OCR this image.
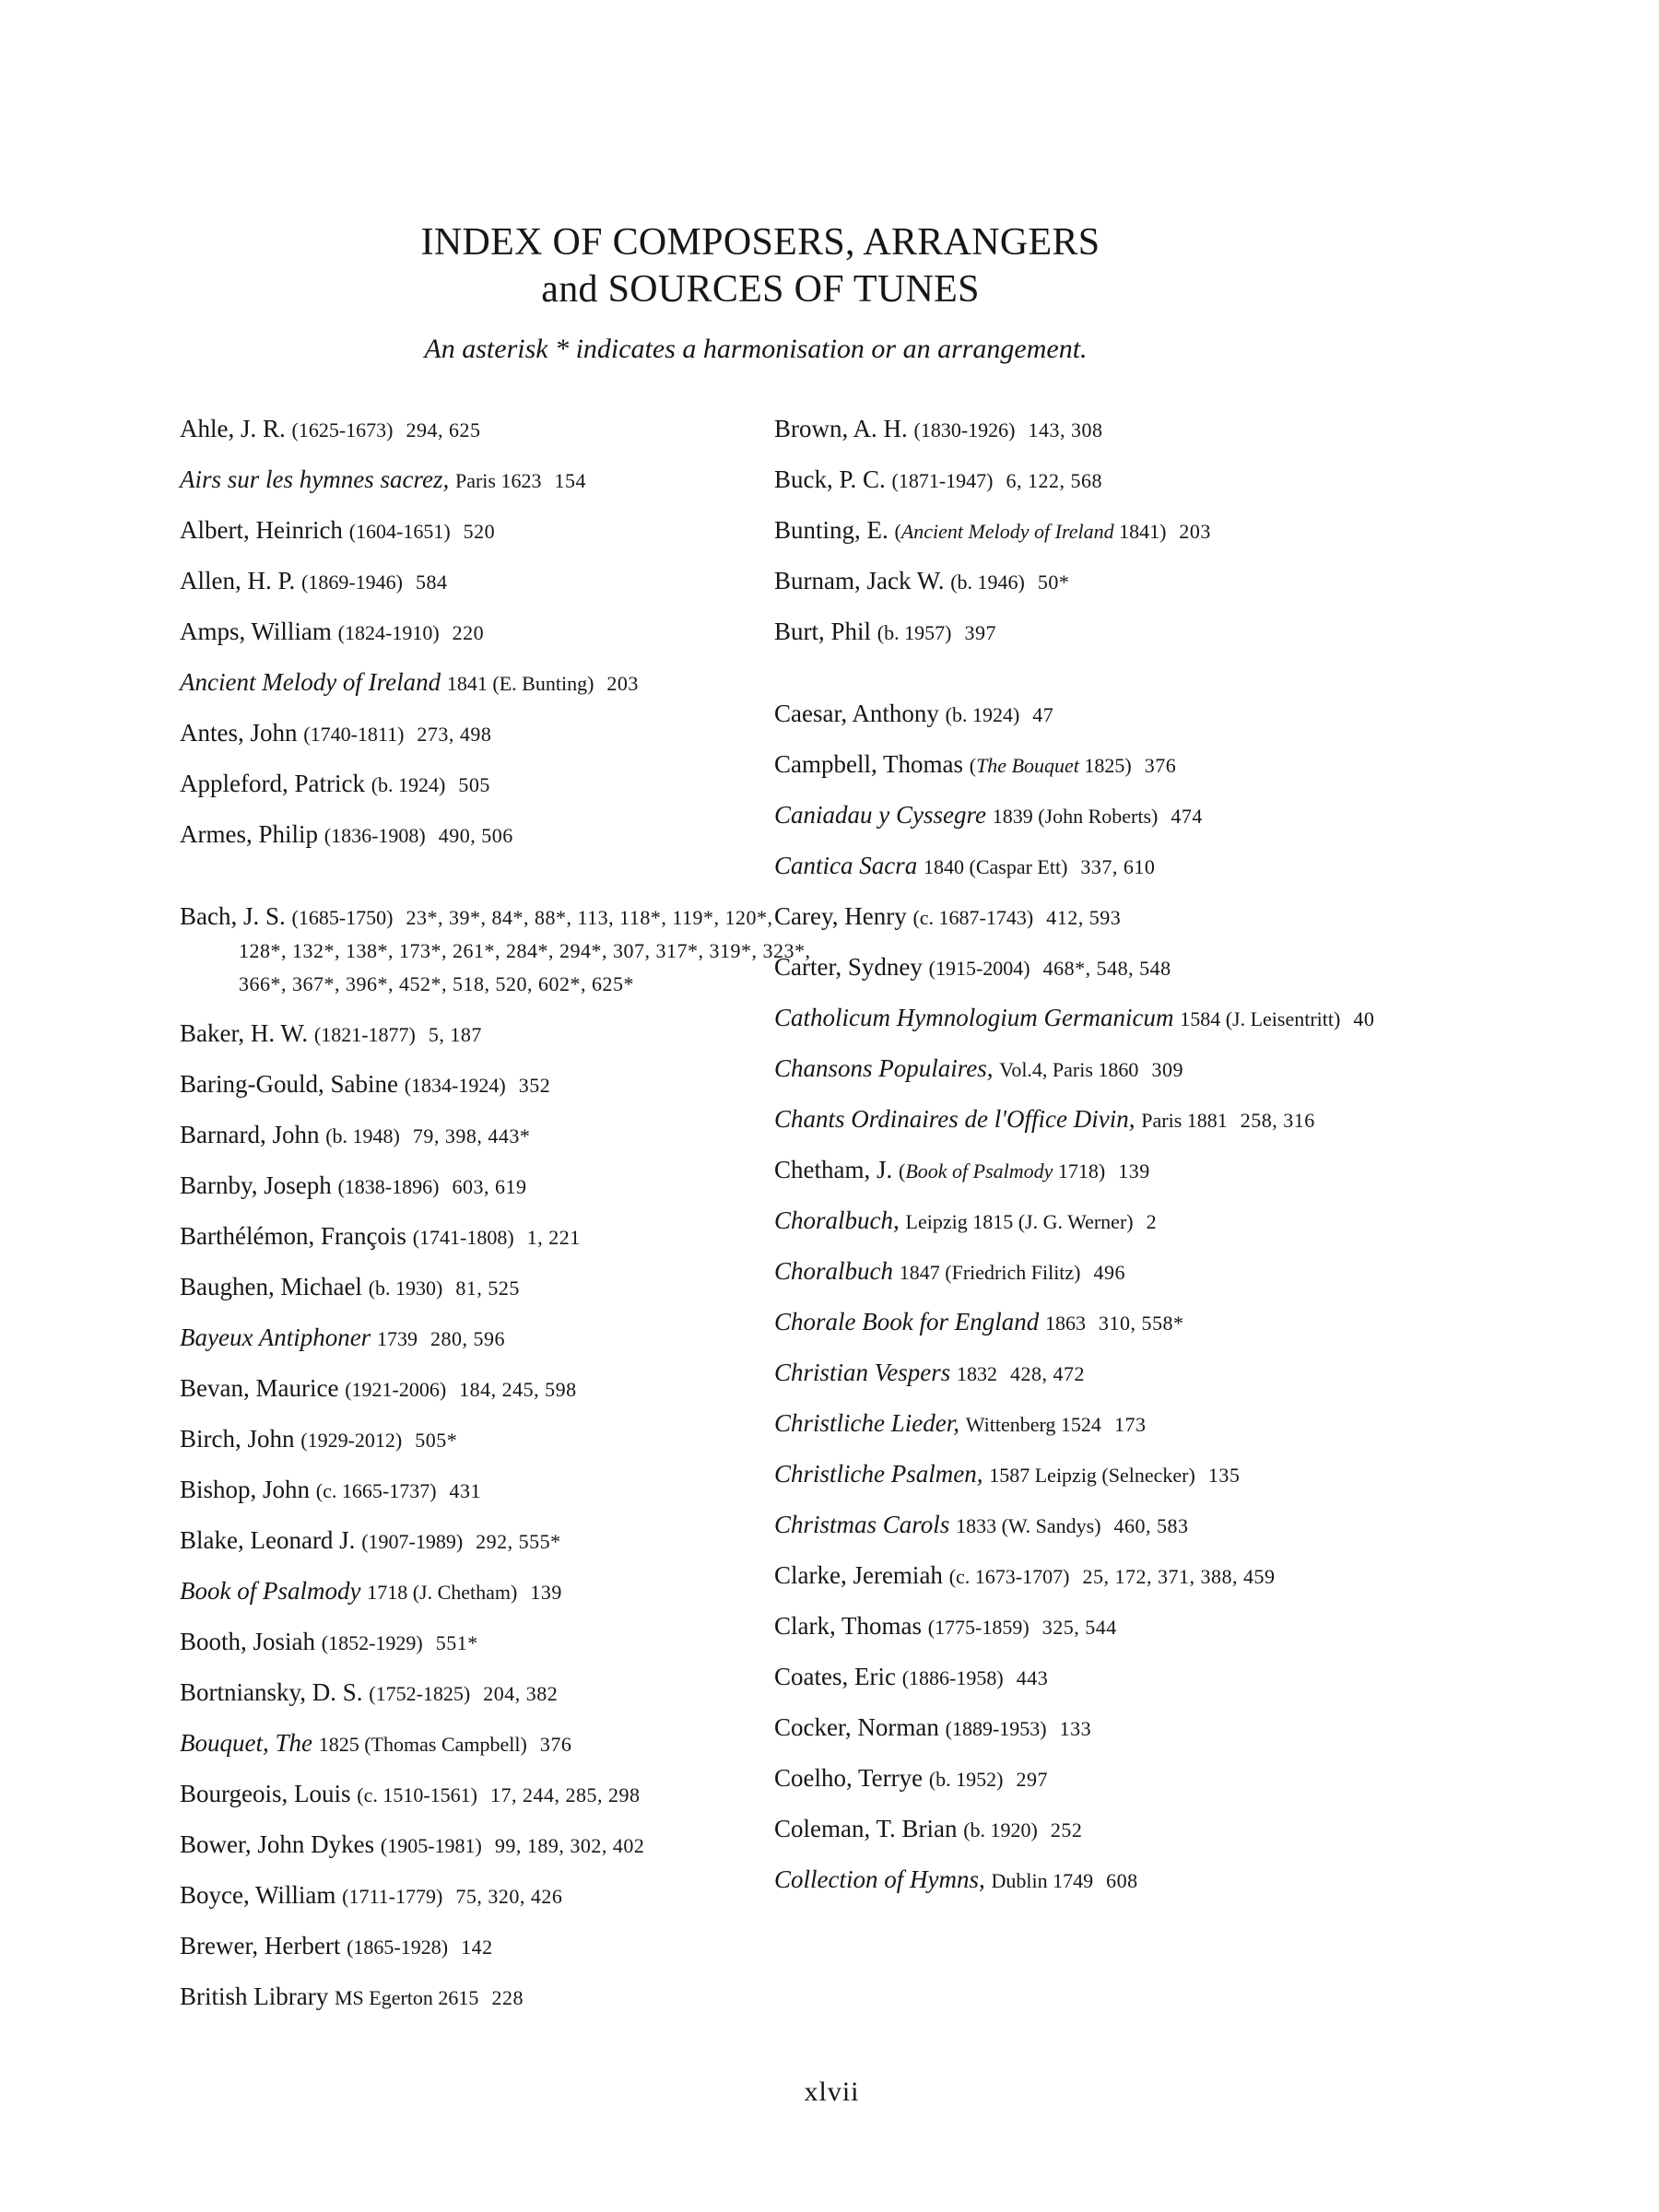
INDEX OF COMPOSERS, ARRANGERS
and SOURCES OF TUNES
An asterisk * indicates a harmonisation or an arrangement.
Ahle, J. R. (1625-1673) 294, 625
Airs sur les hymnes sacrez, Paris 1623 154
Albert, Heinrich (1604-1651) 520
Allen, H. P. (1869-1946) 584
Amps, William (1824-1910) 220
Ancient Melody of Ireland 1841 (E. Bunting) 203
Antes, John (1740-1811) 273, 498
Appleford, Patrick (b. 1924) 505
Armes, Philip (1836-1908) 490, 506
Bach, J. S. (1685-1750) 23*, 39*, 84*, 88*, 113, 118*, 119*, 120*, 128*, 132*, 138*, 173*, 261*, 284*, 294*, 307, 317*, 319*, 323*, 366*, 367*, 396*, 452*, 518, 520, 602*, 625*
Baker, H. W. (1821-1877) 5, 187
Baring-Gould, Sabine (1834-1924) 352
Barnard, John (b. 1948) 79, 398, 443*
Barnby, Joseph (1838-1896) 603, 619
Barthélémon, François (1741-1808) 1, 221
Baughen, Michael (b. 1930) 81, 525
Bayeux Antiphoner 1739 280, 596
Bevan, Maurice (1921-2006) 184, 245, 598
Birch, John (1929-2012) 505*
Bishop, John (c. 1665-1737) 431
Blake, Leonard J. (1907-1989) 292, 555*
Book of Psalmody 1718 (J. Chetham) 139
Booth, Josiah (1852-1929) 551*
Bortniansky, D. S. (1752-1825) 204, 382
Bouquet, The 1825 (Thomas Campbell) 376
Bourgeois, Louis (c. 1510-1561) 17, 244, 285, 298
Bower, John Dykes (1905-1981) 99, 189, 302, 402
Boyce, William (1711-1779) 75, 320, 426
Brewer, Herbert (1865-1928) 142
British Library MS Egerton 2615 228
Brown, A. H. (1830-1926) 143, 308
Buck, P. C. (1871-1947) 6, 122, 568
Bunting, E. (Ancient Melody of Ireland 1841) 203
Burnam, Jack W. (b. 1946) 50*
Burt, Phil (b. 1957) 397
Caesar, Anthony (b. 1924) 47
Campbell, Thomas (The Bouquet 1825) 376
Caniadau y Cyssegre 1839 (John Roberts) 474
Cantica Sacra 1840 (Caspar Ett) 337, 610
Carey, Henry (c. 1687-1743) 412, 593
Carter, Sydney (1915-2004) 468*, 548, 548
Catholicum Hymnologium Germanicum 1584 (J. Leisentritt) 40
Chansons Populaires, Vol.4, Paris 1860 309
Chants Ordinaires de l'Office Divin, Paris 1881 258, 316
Chetham, J. (Book of Psalmody 1718) 139
Choralbuch, Leipzig 1815 (J. G. Werner) 2
Choralbuch 1847 (Friedrich Filitz) 496
Chorale Book for England 1863 310, 558*
Christian Vespers 1832 428, 472
Christliche Lieder, Wittenberg 1524 173
Christliche Psalmen, 1587 Leipzig (Selnecker) 135
Christmas Carols 1833 (W. Sandys) 460, 583
Clarke, Jeremiah (c. 1673-1707) 25, 172, 371, 388, 459
Clark, Thomas (1775-1859) 325, 544
Coates, Eric (1886-1958) 443
Cocker, Norman (1889-1953) 133
Coelho, Terrye (b. 1952) 297
Coleman, T. Brian (b. 1920) 252
Collection of Hymns, Dublin 1749 608
xlvii
